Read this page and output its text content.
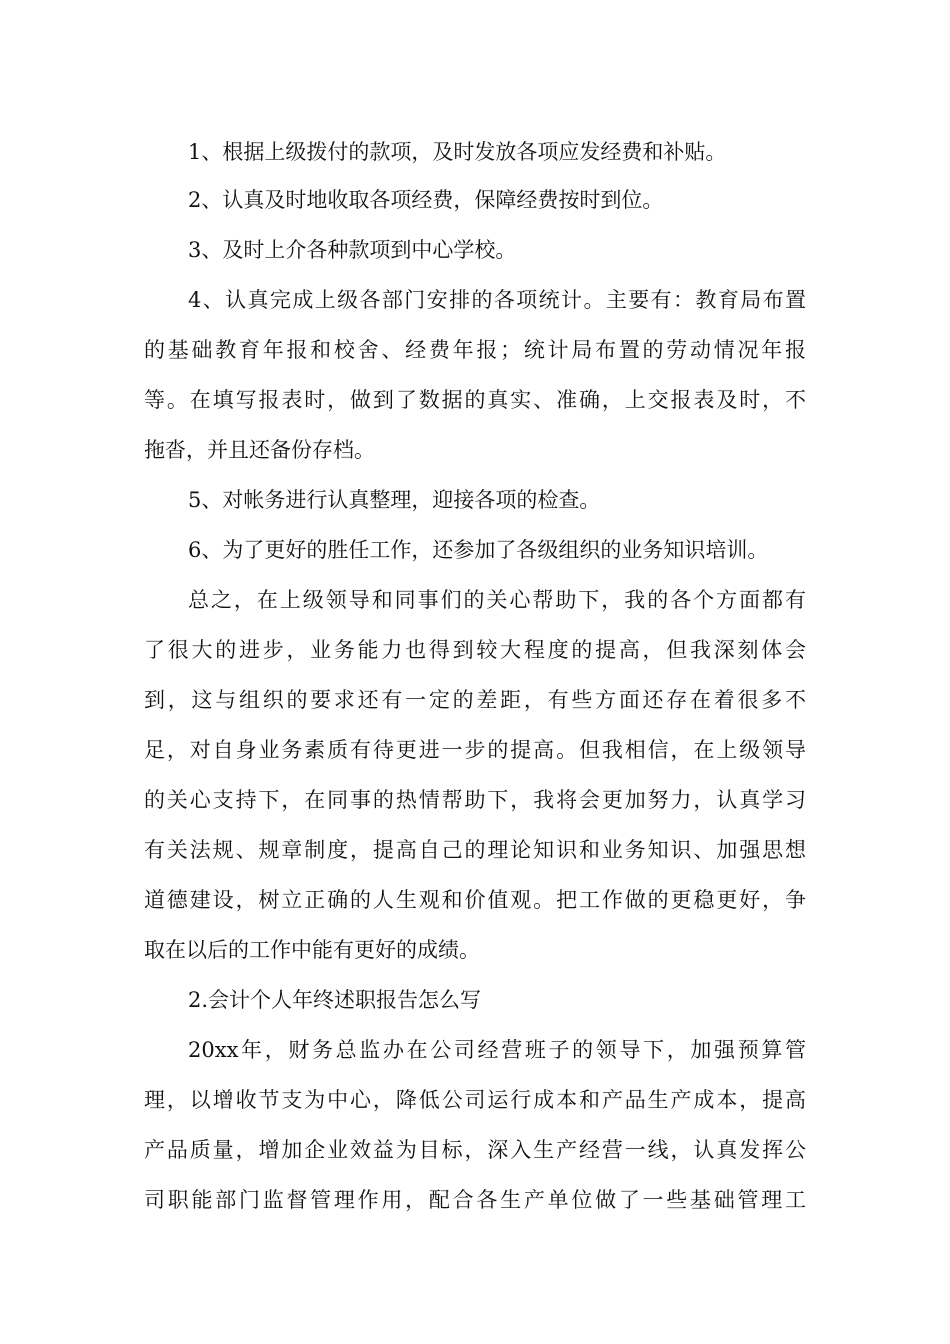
1、根据上级拨付的款项，及时发放各项应发经费和补贴。
2、认真及时地收取各项经费，保障经费按时到位。
3、及时上介各种款项到中心学校。
4、认真完成上级各部门安排的各项统计。主要有：教育局布置
的基础教育年报和校舍、经费年报；统计局布置的劳动情况年报
等。在填写报表时，做到了数据的真实、准确，上交报表及时，不
拖沓，并且还备份存档。
5、对帐务进行认真整理，迎接各项的检查。
6、为了更好的胜任工作，还参加了各级组织的业务知识培训。
总之，在上级领导和同事们的关心帮助下，我的各个方面都有
了很大的进步，业务能力也得到较大程度的提高，但我深刻体会
到，这与组织的要求还有一定的差距，有些方面还存在着很多不
足，对自身业务素质有待更进一步的提高。但我相信，在上级领导
的关心支持下，在同事的热情帮助下，我将会更加努力，认真学习
有关法规、规章制度，提高自己的理论知识和业务知识、加强思想
道德建设，树立正确的人生观和价值观。把工作做的更稳更好，争
取在以后的工作中能有更好的成绩。
2.会计个人年终述职报告怎么写
20xx年，财务总监办在公司经营班子的领导下，加强预算管
理，以增收节支为中心，降低公司运行成本和产品生产成本，提高
产品质量，增加企业效益为目标，深入生产经营一线，认真发挥公
司职能部门监督管理作用，配合各生产单位做了一些基础管理工
